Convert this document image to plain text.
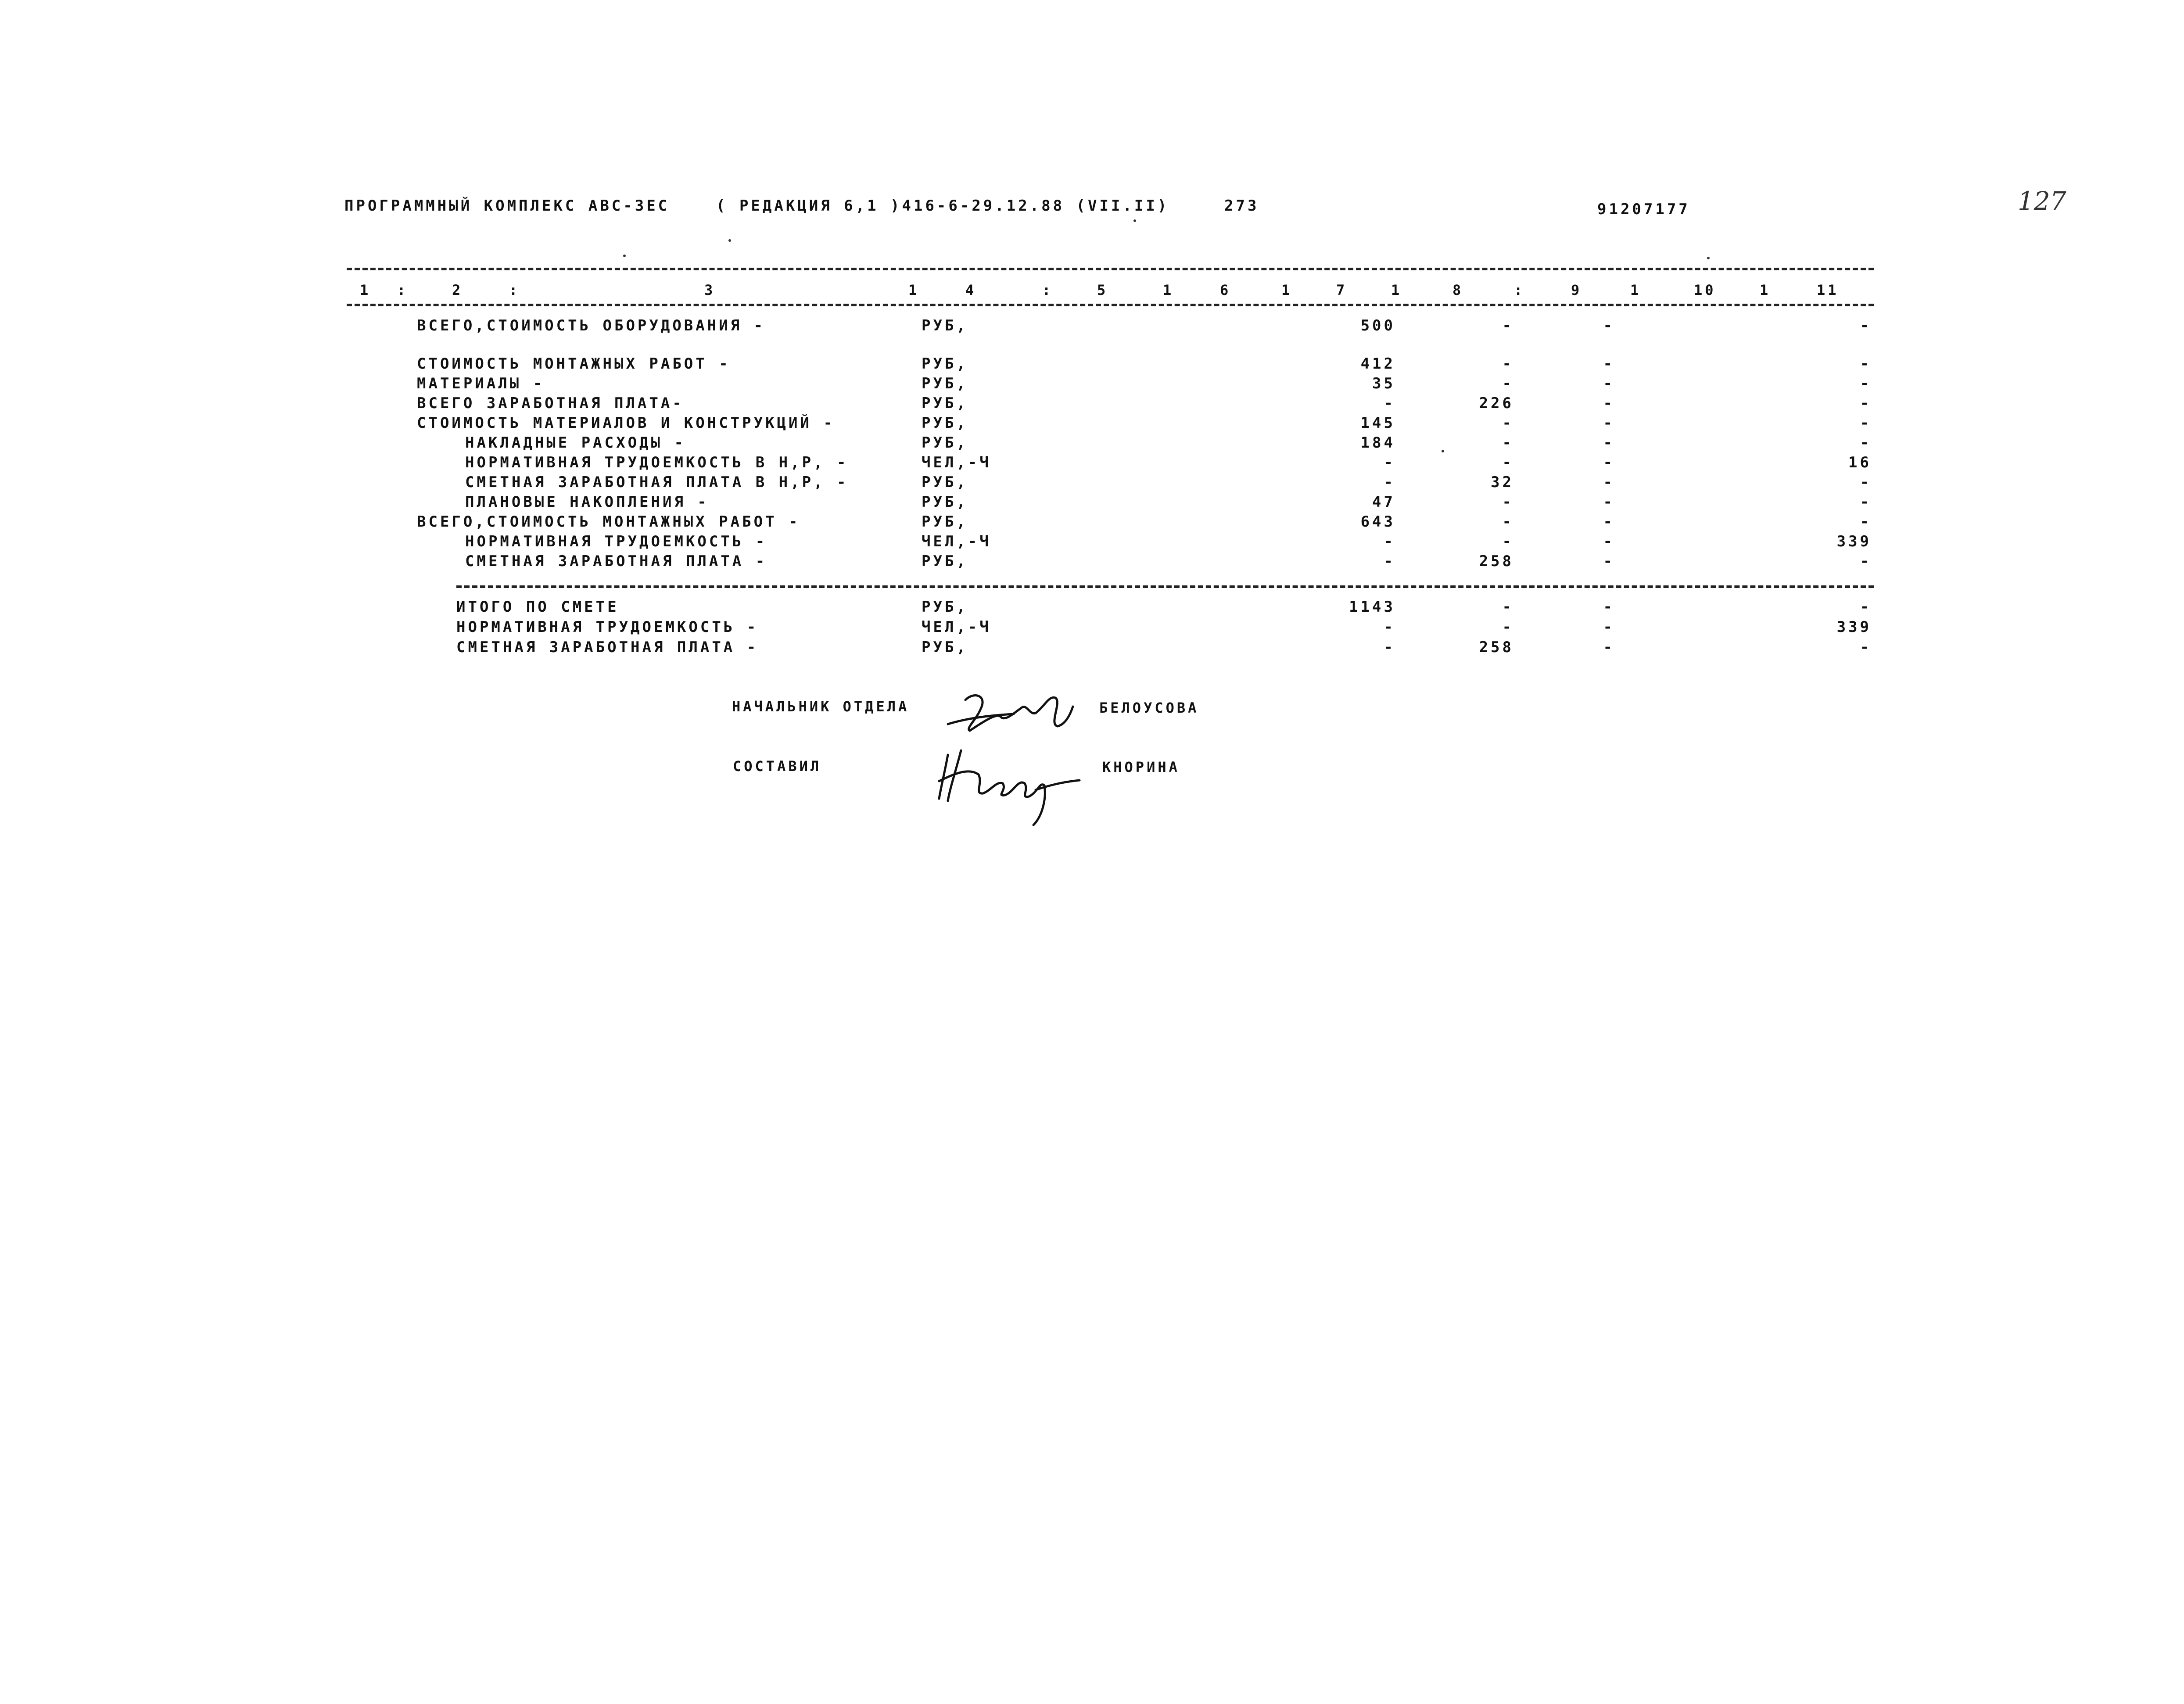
ПРОГРАММНЫЙ КОМПЛЕКС АВС-3ЕС	( РЕДАКЦИЯ 6,1 )416-6-29.12.88 (VII.II)	273	91207177	127
1 :	2	:	3	1	4	:	5	1	6	1	7	1	8	:	9	1	10	1	11
ВСЕГО,СТОИМОСТЬ ОБОРУДОВАНИЯ -	РУБ,	500	-	-	-
СТОИМОСТЬ МОНТАЖНЫХ РАБОТ -	РУБ,	412	-	-	-
МАТЕРИАЛЫ -	РУБ,	35	-	-	-
ВСЕГО ЗАРАБОТНАЯ ПЛАТА-	РУБ,	-	226	-	-
СТОИМОСТЬ МАТЕРИАЛОВ И КОНСТРУКЦИЙ -	РУБ,	145	-	-	-
НАКЛАДНЫЕ РАСХОДЫ -	РУБ,	184	-	-	-
НОРМАТИВНАЯ ТРУДОЕМКОСТЬ В Н,Р, -	ЧЕЛ,-Ч	-	-	-	16
СМЕТНАЯ ЗАРАБОТНАЯ ПЛАТА В Н,Р, -	РУБ,	-	32	-	-
ПЛАНОВЫЕ НАКОПЛЕНИЯ -	РУБ,	47	-	-	-
ВСЕГО,СТОИМОСТЬ МОНТАЖНЫХ РАБОТ -	РУБ,	643	-	-	-
НОРМАТИВНАЯ ТРУДОЕМКОСТЬ -	ЧЕЛ,-Ч	-	-	-	339
СМЕТНАЯ ЗАРАБОТНАЯ ПЛАТА -	РУБ,	-	258	-	-
ИТОГО ПО СМЕТЕ	РУБ,	1143	-	-	-
НОРМАТИВНАЯ ТРУДОЕМКОСТЬ -	ЧЕЛ,-Ч	-	-	-	339
СМЕТНАЯ ЗАРАБОТНАЯ ПЛАТА -	РУБ,	-	258	-	-
НАЧАЛЬНИК ОТДЕЛА	БЕЛОУСОВА
СОСТАВИЛ	КНОРИНА
